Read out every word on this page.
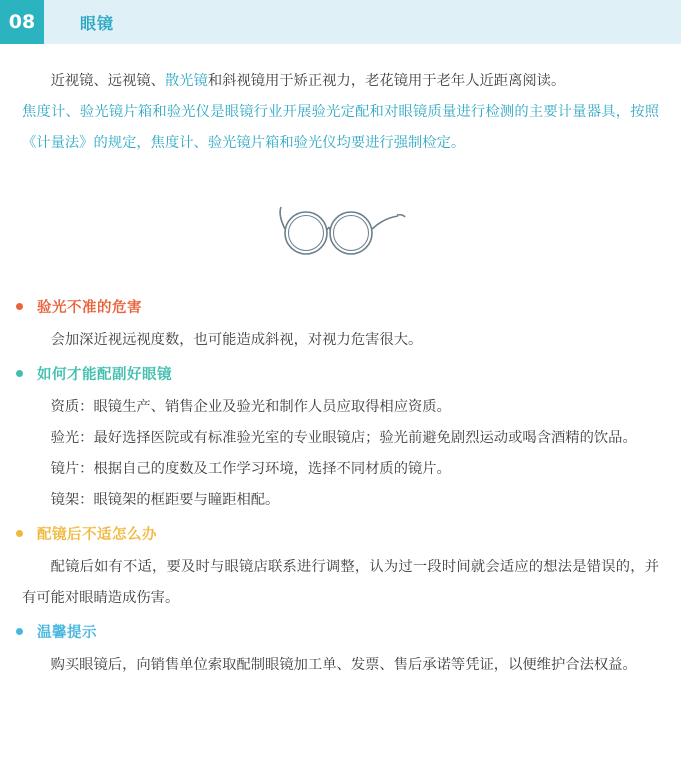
08	眼镜
近视镜、远视镜、散光镜和斜视镜用于矫正视力，老花镜用于老年人近距离阅读。
焦度计、验光镜片箱和验光仪是眼镜行业开展验光定配和对眼镜质量进行检测的主要计量器具，按照《计量法》的规定，焦度计、验光镜片箱和验光仪均要进行强制检定。
验光不准的危害

会加深近视远视度数，也可能造成斜视，对视力危害很大。

如何才能配副好眼镜

资质：眼镜生产、销售企业及验光和制作人员应取得相应资质。

验光：最好选择医院或有标准验光室的专业眼镜店；验光前避免剧烈运动或喝含酒精的饮品。

镜片：根据自己的度数及工作学习环境，选择不同材质的镜片。

镜架：眼镜架的框距要与瞳距相配。

配镜后不适怎么办

配镜后如有不适，要及时与眼镜店联系进行调整，认为过一段时间就会适应的想法是错误的，并有可能对眼睛造成伤害。

温馨提示

购买眼镜后，向销售单位索取配制眼镜加工单、发票、售后承诺等凭证，以便维护合法权益。
